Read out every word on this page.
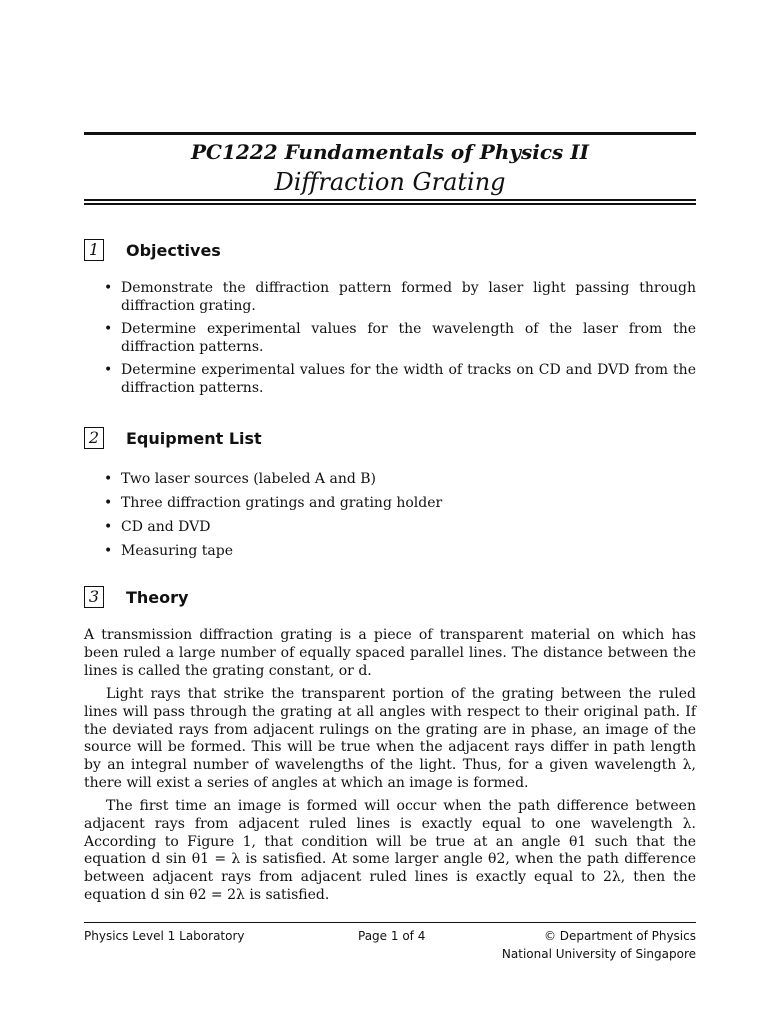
PC1222 Fundamentals of Physics II
Diffraction Grating
1	Objectives
• Demonstrate the diffraction pattern formed by laser light passing through diffraction grating.
• Determine experimental values for the wavelength of the laser from the diffraction patterns.
• Determine experimental values for the width of tracks on CD and DVD from the diffraction patterns.
2	Equipment List
• Two laser sources (labeled A and B)
• Three diffraction gratings and grating holder
• CD and DVD
• Measuring tape
3	Theory

A transmission diffraction grating is a piece of transparent material on which has been ruled a large number of equally spaced parallel lines. The distance between the lines is called the grating constant, or d.

Light rays that strike the transparent portion of the grating between the ruled lines will pass through the grating at all angles with respect to their original path. If the deviated rays from adjacent rulings on the grating are in phase, an image of the source will be formed. This will be true when the adjacent rays differ in path length by an integral number of wavelengths of the light. Thus, for a given wavelength λ, there will exist a series of angles at which an image is formed.

The first time an image is formed will occur when the path difference between adjacent rays from adjacent ruled lines is exactly equal to one wavelength λ. According to Figure 1, that condition will be true at an angle θ1 such that the equation d sin θ1 = λ is satisfied. At some larger angle θ2, when the path difference between adjacent rays from adjacent ruled lines is exactly equal to 2λ, then the equation d sin θ2 = 2λ is satisfied.

Physics Level 1 Laboratory	Page 1 of 4	© Department of Physics
National University of Singapore
